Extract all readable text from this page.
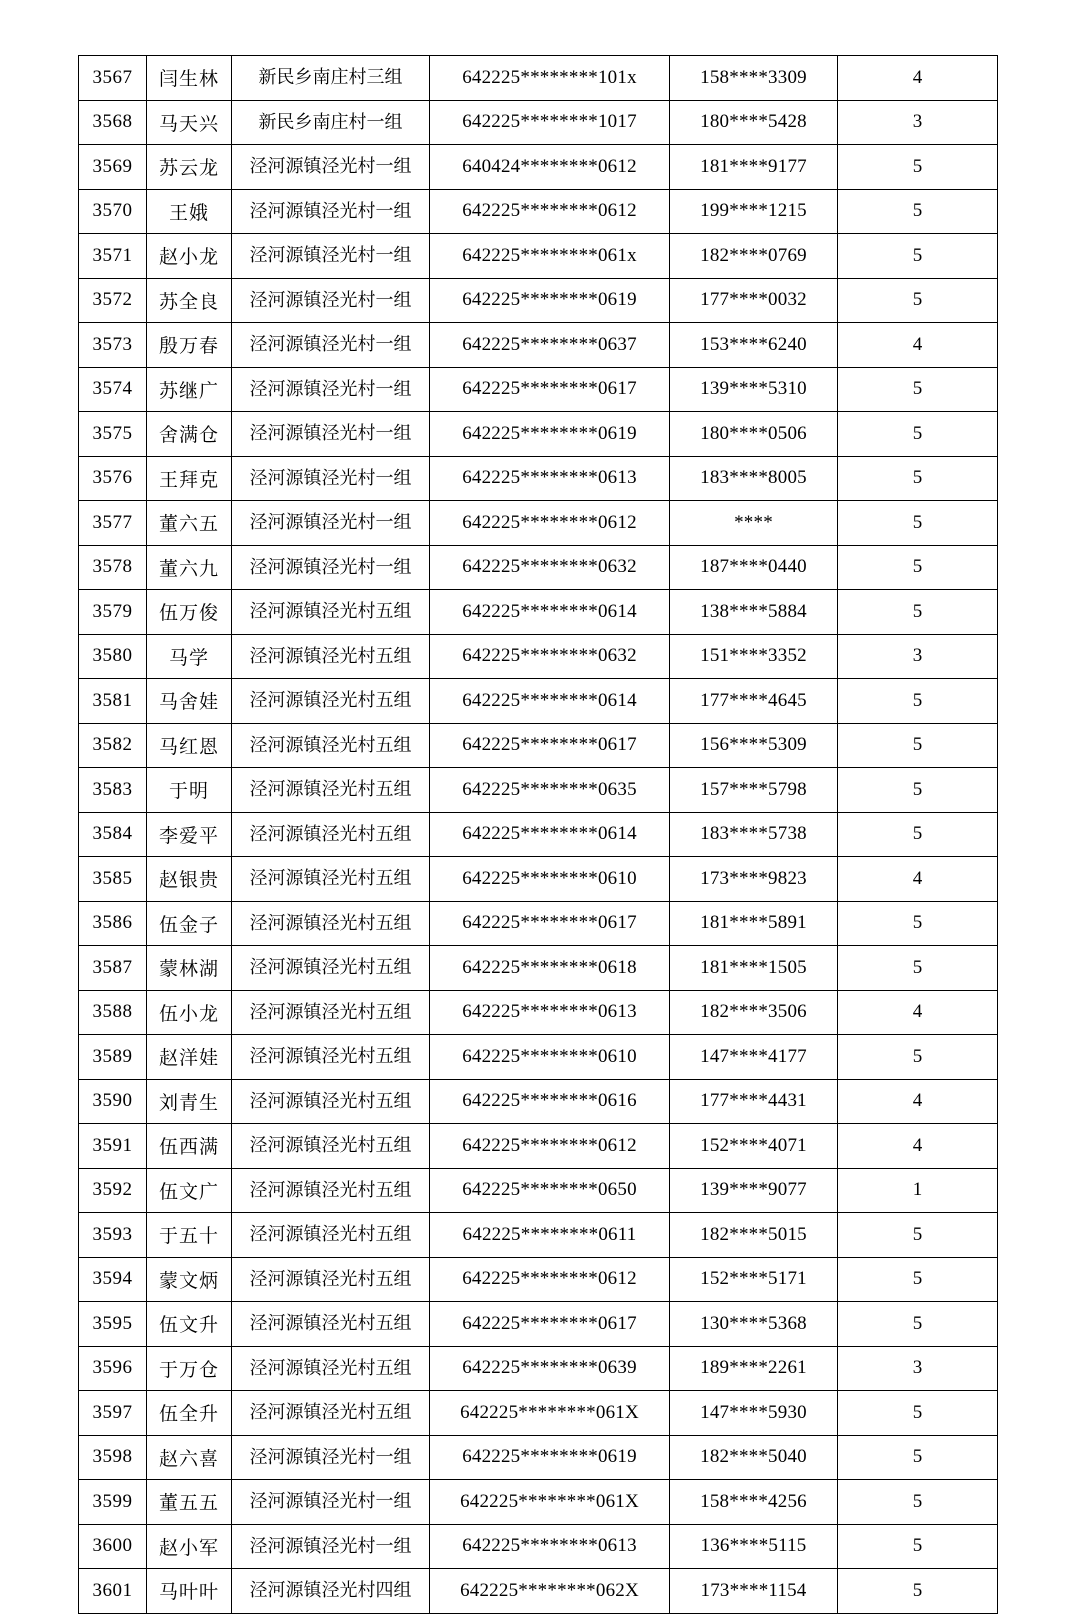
3567	闫生林	新民乡南庄村三组	642225********101x	158****3309	4
3568	马天兴	新民乡南庄村一组	642225********1017	180****5428	3
3569	苏云龙	泾河源镇泾光村一组	640424********0612	181****9177	5
3570	王娥	泾河源镇泾光村一组	642225********0612	199****1215	5
3571	赵小龙	泾河源镇泾光村一组	642225********061x	182****0769	5
3572	苏全良	泾河源镇泾光村一组	642225********0619	177****0032	5
3573	殷万春	泾河源镇泾光村一组	642225********0637	153****6240	4
3574	苏继广	泾河源镇泾光村一组	642225********0617	139****5310	5
3575	舍满仓	泾河源镇泾光村一组	642225********0619	180****0506	5
3576	王拜克	泾河源镇泾光村一组	642225********0613	183****8005	5
3577	董六五	泾河源镇泾光村一组	642225********0612	****	5
3578	董六九	泾河源镇泾光村一组	642225********0632	187****0440	5
3579	伍万俊	泾河源镇泾光村五组	642225********0614	138****5884	5
3580	马学	泾河源镇泾光村五组	642225********0632	151****3352	3
3581	马舍娃	泾河源镇泾光村五组	642225********0614	177****4645	5
3582	马红恩	泾河源镇泾光村五组	642225********0617	156****5309	5
3583	于明	泾河源镇泾光村五组	642225********0635	157****5798	5
3584	李爱平	泾河源镇泾光村五组	642225********0614	183****5738	5
3585	赵银贵	泾河源镇泾光村五组	642225********0610	173****9823	4
3586	伍金子	泾河源镇泾光村五组	642225********0617	181****5891	5
3587	蒙林湖	泾河源镇泾光村五组	642225********0618	181****1505	5
3588	伍小龙	泾河源镇泾光村五组	642225********0613	182****3506	4
3589	赵洋娃	泾河源镇泾光村五组	642225********0610	147****4177	5
3590	刘青生	泾河源镇泾光村五组	642225********0616	177****4431	4
3591	伍西满	泾河源镇泾光村五组	642225********0612	152****4071	4
3592	伍文广	泾河源镇泾光村五组	642225********0650	139****9077	1
3593	于五十	泾河源镇泾光村五组	642225********0611	182****5015	5
3594	蒙文炳	泾河源镇泾光村五组	642225********0612	152****5171	5
3595	伍文升	泾河源镇泾光村五组	642225********0617	130****5368	5
3596	于万仓	泾河源镇泾光村五组	642225********0639	189****2261	3
3597	伍全升	泾河源镇泾光村五组	642225********061X	147****5930	5
3598	赵六喜	泾河源镇泾光村一组	642225********0619	182****5040	5
3599	董五五	泾河源镇泾光村一组	642225********061X	158****4256	5
3600	赵小军	泾河源镇泾光村一组	642225********0613	136****5115	5
3601	马叶叶	泾河源镇泾光村四组	642225********062X	173****1154	5
